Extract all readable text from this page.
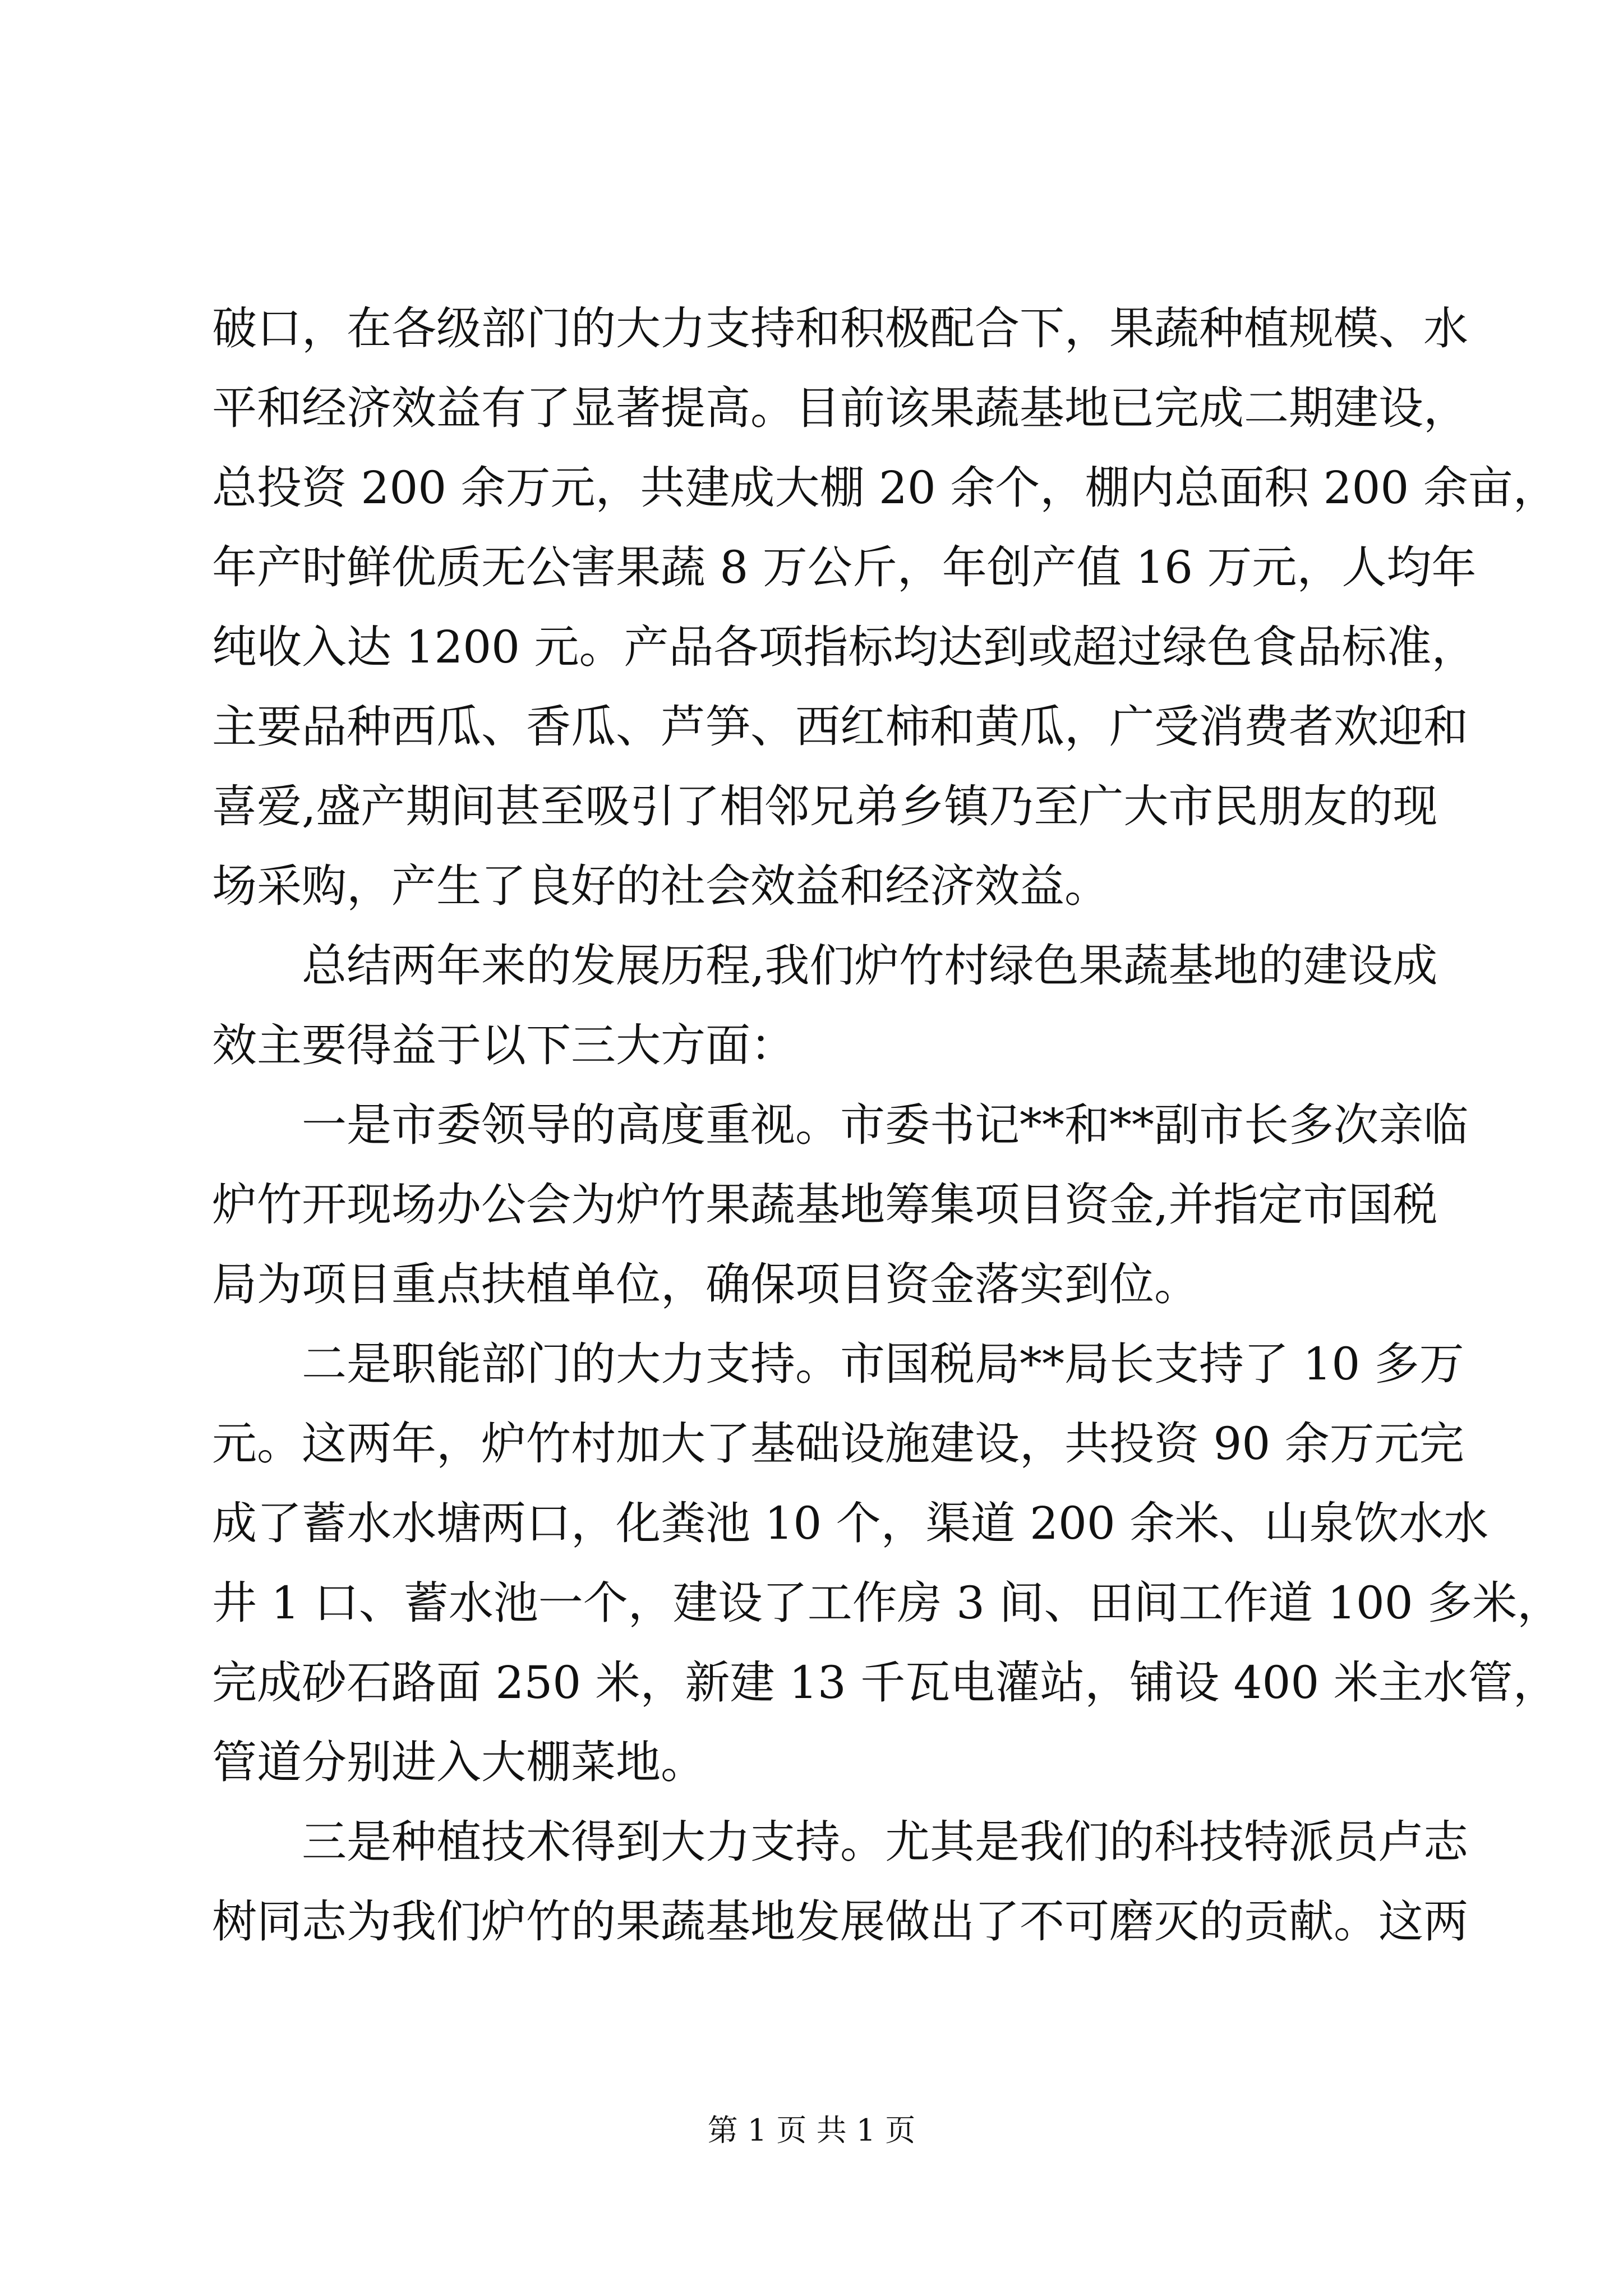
破口，在各级部门的大力支持和积极配合下，果蔬种植规模、水
平和经济效益有了显著提高。目前该果蔬基地已完成二期建设，
总投资 200 余万元，共建成大棚 20 余个，棚内总面积 200 余亩，
年产时鲜优质无公害果蔬 8 万公斤，年创产值 16 万元，人均年
纯收入达 1200 元。产品各项指标均达到或超过绿色食品标准，
主要品种西瓜、香瓜、芦笋、西红柿和黄瓜，广受消费者欢迎和
喜爱,盛产期间甚至吸引了相邻兄弟乡镇乃至广大市民朋友的现
场采购，产生了良好的社会效益和经济效益。
总结两年来的发展历程,我们炉竹村绿色果蔬基地的建设成
效主要得益于以下三大方面：
一是市委领导的高度重视。市委书记**和**副市长多次亲临
炉竹开现场办公会为炉竹果蔬基地筹集项目资金,并指定市国税
局为项目重点扶植单位，确保项目资金落实到位。
二是职能部门的大力支持。市国税局**局长支持了 10 多万
元。这两年，炉竹村加大了基础设施建设，共投资 90 余万元完
成了蓄水水塘两口，化粪池 10 个，渠道 200 余米、山泉饮水水
井 1 口、蓄水池一个，建设了工作房 3 间、田间工作道 100 多米，
完成砂石路面 250 米，新建 13 千瓦电灌站，铺设 400 米主水管，
管道分别进入大棚菜地。
三是种植技术得到大力支持。尤其是我们的科技特派员卢志
树同志为我们炉竹的果蔬基地发展做出了不可磨灭的贡献。这两
第 1 页 共 1 页
